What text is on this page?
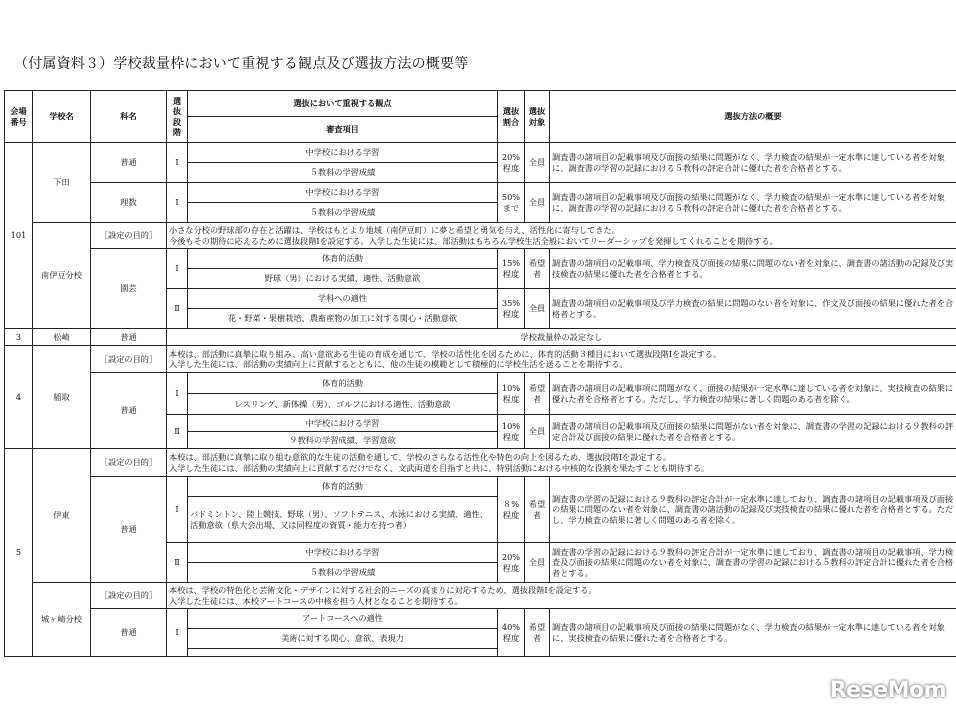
（付属資料３）学校裁量枠において重視する観点及び選抜方法の概要等
会場番号	学校名	科名	選抜段階	選抜において重視する観点	選抜割合	選抜対象	選抜方法の概要
				審査項目			
101	下田	普通	Ⅰ	中学校における学習	20%程度	全員	調査書の諸項目の記載事項及び面接の結果に問題がなく、学力検査の結果が一定水準に達している者を対象に、調査書の学習の記録における５教科の評定合計に優れた者を合格者とする。
				５教科の学習成績			
		理数	Ⅰ	中学校における学習	50%まで	全員	調査書の諸項目の記載事項及び面接の結果に問題がなく、学力検査の結果が一定水準に達している者を対象に、調査書の学習の記録における５教科の評定合計に優れた者を合格者とする。
				５教科の学習成績			
	南伊豆分校	［設定の目的］	小さな分校の野球部の存在と活躍は、学校はもとより地域（南伊豆町）に夢と希望と勇気を与え、活性化に寄与してきた。
今後もその期待に応えるために選抜段階Ⅰを設定する。入学した生徒には、部活動はもちろん学校生活全般においてリーダーシップを発揮してくれることを期待する。				
		園芸	Ⅰ	体育的活動	15%程度	希望者	調査書の諸項目の記載事項、学力検査及び面接の結果に問題のない者を対象に、調査書の諸活動の記録及び実技検査の結果に優れた者を合格者とする。
				野球（男）における実績、適性、活動意欲			
			Ⅱ	学科への適性	35%程度	全員	調査書の諸項目の記載事項及び学力検査の結果に問題のない者を対象に、作文及び面接の結果に優れた者を合格者とする。
				花・野菜・果樹栽培、農畜産物の加工に対する関心・活動意欲			
3	松崎	普通	学校裁量枠の設定なし				
4	稲取	［設定の目的］	本校は、部活動に真摯に取り組み、高い意欲ある生徒の育成を通じて、学校の活性化を図るために、体育的活動３種目において選抜段階Ⅰを設定する。
入学した生徒には、部活動の実績向上に貢献するとともに、他の生徒の模範として積極的に学校生活を送ることを期待する。				
		普通	Ⅰ	体育的活動	10%程度	希望者	調査書の諸項目の記載事項に問題がなく、面接の結果が一定水準に達している者を対象に、実技検査の結果に優れた者を合格者とする。ただし、学力検査の結果に著しく問題のある者を除く。
				レスリング、新体操（男）、ゴルフにおける適性、活動意欲			
			Ⅱ	中学校における学習	10%程度	全員	調査書の諸項目の記載事項及び面接の結果に問題がない者を対象に、調査書の学習の記録における９教科の評定合計及び面接の結果に優れた者を合格者とする。
				９教科の学習成績、学習意欲			
5	伊東	［設定の目的］	本校は、部活動に真摯に取り組む意欲的な生徒の活動を通して、学校のさらなる活性化や特色の向上を図るため、選抜段階Ⅰを設定する。
入学した生徒には、部活動の実績向上に貢献するだけでなく、文武両道を目指すと共に、特別活動における中核的な役割を果たすことも期待する。				
		普通	Ⅰ	体育的活動	８%程度	希望者	調査書の学習の記録における９教科の評定合計が一定水準に達しており、調査書の諸項目の記載事項及び面接の結果に問題のない者を対象に、調査書の諸活動の記録及び実技検査の結果に優れた者を合格者とする。ただし、学力検査の結果に著しく問題のある者を除く。
				バドミントン、陸上競技、野球（男）、ソフトテニス、水泳における実績、適性、活動意欲（県大会出場、又は同程度の資質・能力を持つ者）			
			Ⅱ	中学校における学習	20%程度	全員	調査書の学習の記録における９教科の評定合計が一定水準に達しており、調査書の諸項目の記載事項、学力検査及び面接の結果に問題のない者を対象に、調査書の学習の記録における５教科の評定合計に優れた者を合格者とする。
				５教科の学習成績			
	城ヶ崎分校	［設定の目的］	本校は、学校の特色化と芸術文化・デザインに対する社会的ニーズの高まりに対応するため、選抜段階Ⅰを設定する。
入学した生徒には、本校アートコースの中核を担う人材となることを期待する。				
		普通	Ⅰ	アートコースへの適性	40%程度	希望者	調査書の諸項目の記載事項及び面接の結果に問題がなく、学力検査の結果が一定水準に達している者を対象に、実技検査の結果に優れた者を合格者とする。
				美術に対する関心、意欲、表現力			

ReseMom
